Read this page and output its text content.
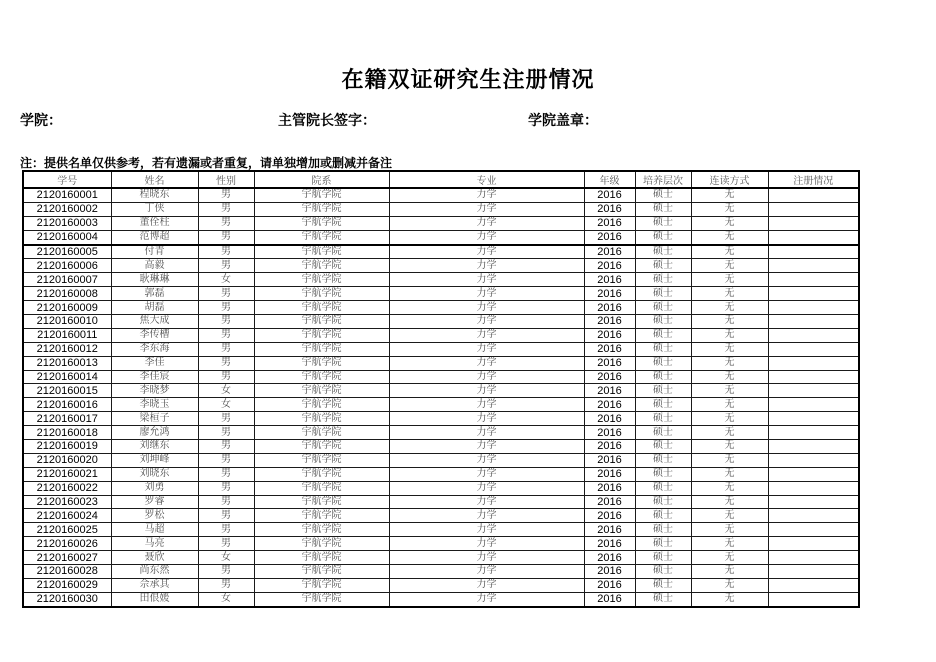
在籍双证研究生注册情况
学院：	主管院长签字：	学院盖章：
注：提供名单仅供参考，若有遗漏或者重复，请单独增加或删减并备注
学号	姓名	性别	院系	专业	年级	培养层次	连读方式	注册情况
2120160001	程晓东	男	宇航学院	力学	2016	硕士	无	
2120160002	丁侠	男	宇航学院	力学	2016	硕士	无	
2120160003	董佺柱	男	宇航学院	力学	2016	硕士	无	
2120160004	范博超	男	宇航学院	力学	2016	硕士	无	
2120160005	付青	男	宇航学院	力学	2016	硕士	无	
2120160006	高毅	男	宇航学院	力学	2016	硕士	无	
2120160007	耿琳琳	女	宇航学院	力学	2016	硕士	无	
2120160008	郭磊	男	宇航学院	力学	2016	硕士	无	
2120160009	胡磊	男	宇航学院	力学	2016	硕士	无	
2120160010	焦大成	男	宇航学院	力学	2016	硕士	无	
2120160011	李传槽	男	宇航学院	力学	2016	硕士	无	
2120160012	李东海	男	宇航学院	力学	2016	硕士	无	
2120160013	李佳	男	宇航学院	力学	2016	硕士	无	
2120160014	李佳宸	男	宇航学院	力学	2016	硕士	无	
2120160015	李晓梦	女	宇航学院	力学	2016	硕士	无	
2120160016	李晓玉	女	宇航学院	力学	2016	硕士	无	
2120160017	梁桓子	男	宇航学院	力学	2016	硕士	无	
2120160018	廖允鸿	男	宇航学院	力学	2016	硕士	无	
2120160019	刘继东	男	宇航学院	力学	2016	硕士	无	
2120160020	刘坤峰	男	宇航学院	力学	2016	硕士	无	
2120160021	刘晓东	男	宇航学院	力学	2016	硕士	无	
2120160022	刘勇	男	宇航学院	力学	2016	硕士	无	
2120160023	罗睿	男	宇航学院	力学	2016	硕士	无	
2120160024	罗松	男	宇航学院	力学	2016	硕士	无	
2120160025	马超	男	宇航学院	力学	2016	硕士	无	
2120160026	马亮	男	宇航学院	力学	2016	硕士	无	
2120160027	聂欣	女	宇航学院	力学	2016	硕士	无	
2120160028	尚东然	男	宇航学院	力学	2016	硕士	无	
2120160029	佘承其	男	宇航学院	力学	2016	硕士	无	
2120160030	田佷媛	女	宇航学院	力学	2016	硕士	无	
